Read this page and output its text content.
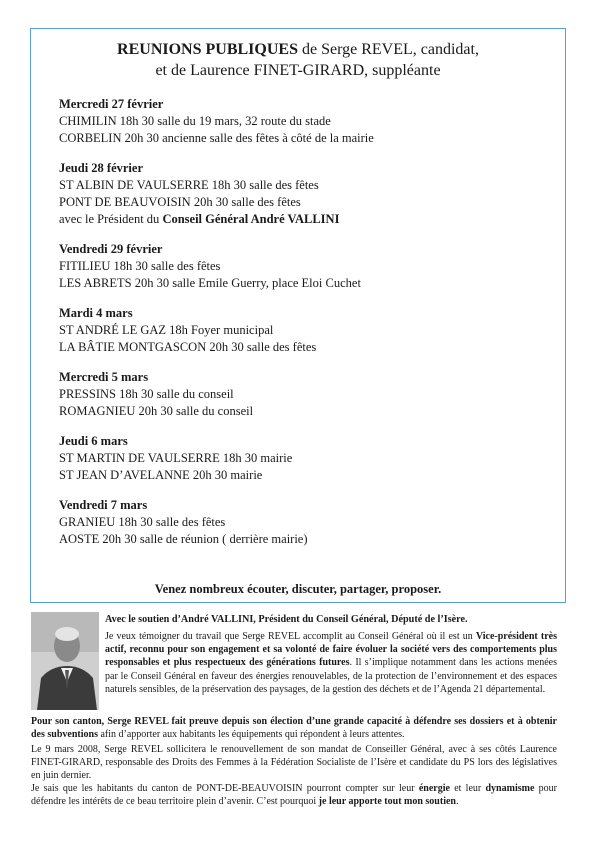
REUNIONS PUBLIQUES de Serge REVEL, candidat,
et de Laurence FINET-GIRARD, suppléante
Mercredi 27 février
CHIMILIN 18h 30 salle du 19 mars, 32 route du stade
CORBELIN 20h 30 ancienne salle des fêtes à côté de la mairie
Jeudi 28 février
ST ALBIN DE VAULSERRE 18h 30 salle des fêtes
PONT DE BEAUVOISIN 20h 30 salle des fêtes
avec le Président du Conseil Général André VALLINI
Vendredi 29 février
FITILIEU 18h 30 salle des fêtes
LES ABRETS 20h 30 salle Emile Guerry, place Eloi Cuchet
Mardi 4 mars
ST ANDRÉ LE GAZ 18h Foyer municipal
LA BÂTIE MONTGASCON 20h 30 salle des fêtes
Mercredi 5 mars
PRESSINS 18h 30 salle du conseil
ROMAGNIEU 20h 30 salle du conseil
Jeudi 6 mars
ST MARTIN DE VAULSERRE 18h 30 mairie
ST JEAN D’AVELANNE 20h 30 mairie
Vendredi 7 mars
GRANIEU 18h 30 salle des fêtes
AOSTE 20h 30 salle de réunion ( derrière mairie)
Venez nombreux écouter, discuter, partager, proposer.
Avec le soutien d’André VALLINI, Président du Conseil Général, Député de l’Isère.
Je veux témoigner du travail que Serge REVEL accomplit au Conseil Général où il est un Vice-président très actif, reconnu pour son engagement et sa volonté de faire évoluer la société vers des comportements plus responsables et plus respectueux des générations futures. Il s’implique notamment dans les actions menées par le Conseil Général en faveur des énergies renouvelables, de la protection de l’environnement et des espaces naturels sensibles, de la préservation des paysages, de la gestion des déchets et de l’Agenda 21 départemental.
Pour son canton, Serge REVEL fait preuve depuis son élection d’une grande capacité à défendre ses dossiers et à obtenir des subventions afin d’apporter aux habitants les équipements qui répondent à leurs attentes.
Le 9 mars 2008, Serge REVEL sollicitera le renouvellement de son mandat de Conseiller Général, avec à ses côtés Laurence FINET-GIRARD, responsable des Droits des Femmes à la Fédération Socialiste de l’Isère et candidate du PS lors des législatives en juin dernier.
Je sais que les habitants du canton de PONT-DE-BEAUVOISIN pourront compter sur leur énergie et leur dynamisme pour défendre les intérêts de ce beau territoire plein d’avenir. C’est pourquoi je leur apporte tout mon soutien.
